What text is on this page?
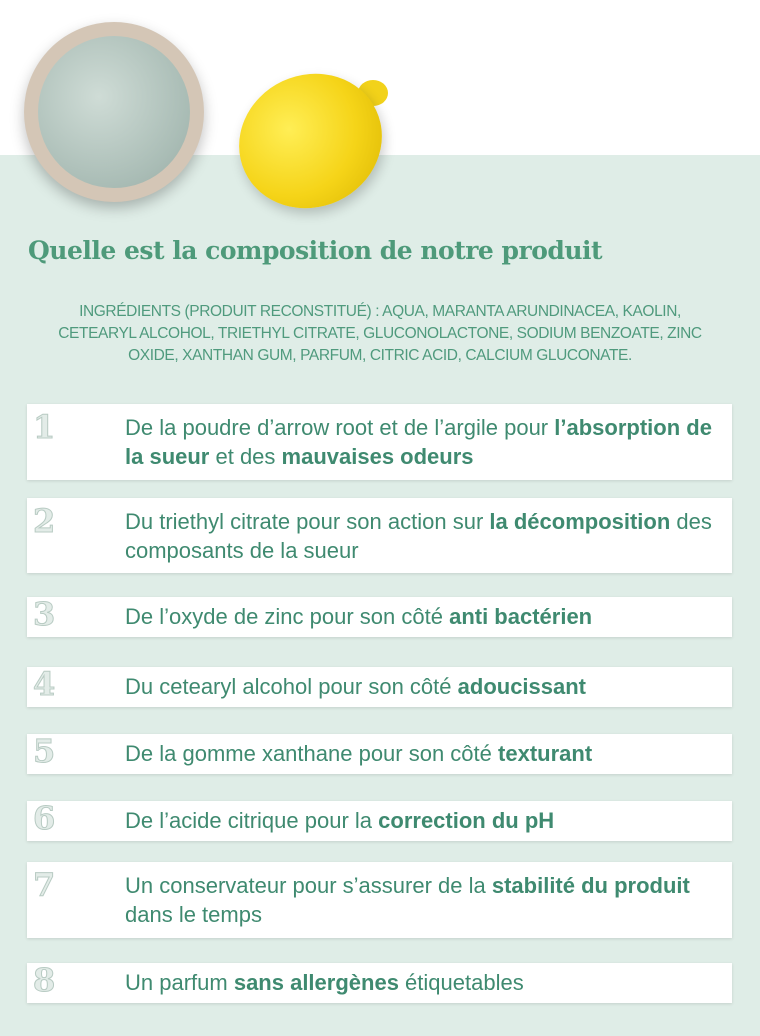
Quelle est la composition de notre produit
INGRÉDIENTS (PRODUIT RECONSTITUÉ) : AQUA, MARANTA ARUNDINACEA, KAOLIN, CETEARYL ALCOHOL, TRIETHYL CITRATE, GLUCONOLACTONE, SODIUM BENZOATE, ZINC OXIDE, XANTHAN GUM, PARFUM, CITRIC ACID, CALCIUM GLUCONATE.
1	De la poudre d’arrow root et de l’argile pour l’absorption de la sueur et des mauvaises odeurs
2	Du triethyl citrate pour son action sur la décomposition des composants de la sueur
3	De l’oxyde de zinc pour son côté anti bactérien
4	Du cetearyl alcohol pour son côté adoucissant
5	De la gomme xanthane pour son côté texturant
6	De l’acide citrique pour la correction du pH
7	Un conservateur pour s’assurer de la stabilité du produit dans le temps
8	Un parfum sans allergènes étiquetables
